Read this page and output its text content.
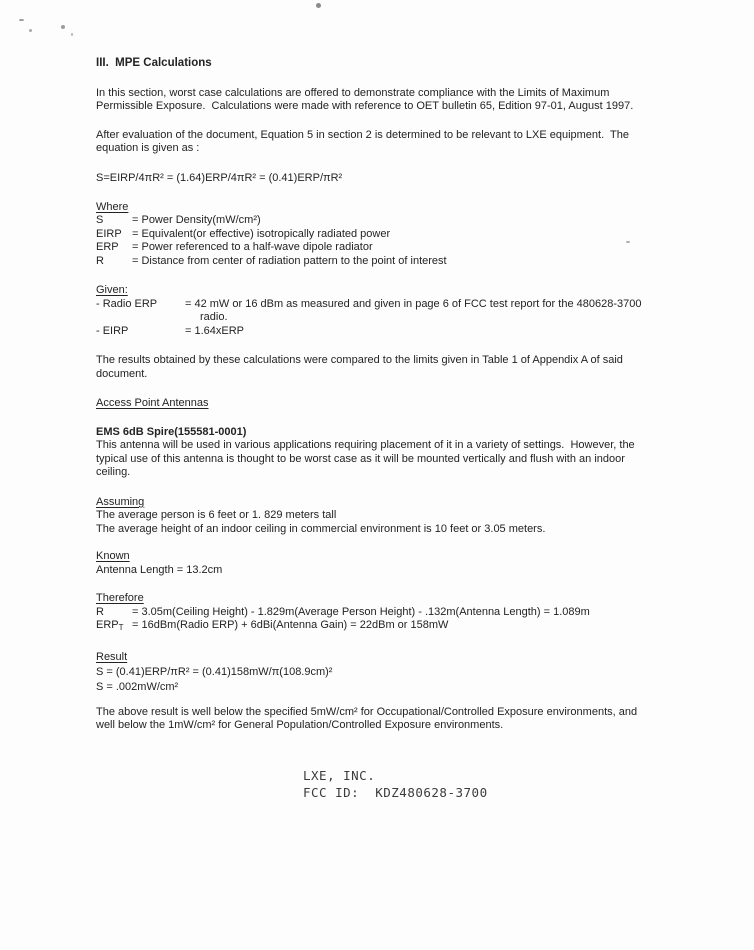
III.  MPE Calculations

In this section, worst case calculations are offered to demonstrate compliance with the Limits of Maximum
Permissible Exposure.  Calculations were made with reference to OET bulletin 65, Edition 97-01, August 1997.

After evaluation of the document, Equation 5 in section 2 is determined to be relevant to LXE equipment.  The
equation is given as :

S=EIRP/4πR² = (1.64)ERP/4πR² = (0.41)ERP/πR²
Where
S	= Power Density(mW/cm²)
EIRP = Equivalent(or effective) isotropically radiated power
ERP	= Power referenced to a half-wave dipole radiator
R	= Distance from center of radiation pattern to the point of interest
Given:
- Radio ERP	= 42 mW or 16 dBm as measured and given in page 6 of FCC test report for the 480628-3700
radio.
- EIRP	= 1.64xERP

The results obtained by these calculations were compared to the limits given in Table 1 of Appendix A of said
document.

Access Point Antennas
EMS 6dB Spire(155581-0001)
This antenna will be used in various applications requiring placement of it in a variety of settings.  However, the
typical use of this antenna is thought to be worst case as it will be mounted vertically and flush with an indoor
ceiling.
Assuming
The average person is 6 feet or 1. 829 meters tall
The average height of an indoor ceiling in commercial environment is 10 feet or 3.05 meters.
Known
Antenna Length = 13.2cm
Therefore
R	= 3.05m(Ceiling Height) - 1.829m(Average Person Height) - .132m(Antenna Length) = 1.089m
$ERP_T$ = 16dBm(Radio ERP) + 6dBi(Antenna Gain) = 22dBm or 158mW
Result
S = (0.41)ERP/πR² = (0.41)158mW/π(108.9cm)²
S = .002mW/cm²

The above result is well below the specified 5mW/cm² for Occupational/Controlled Exposure environments, and
well below the 1mW/cm² for General Population/Controlled Exposure environments.

LXE, INC.
FCC ID:  KDZ480628-3700
